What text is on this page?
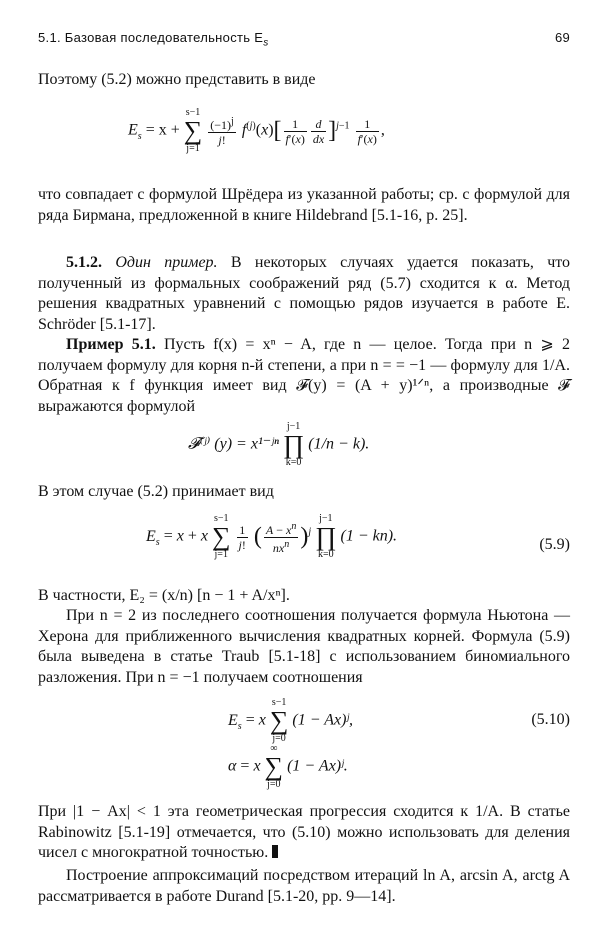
5.1. Базовая последовательность $E_s$	69
Поэтому (5.2) можно представить в виде
$E_s = x$ +
s−1
∑
j=1

$\frac{(-1)^j}{j!} f^{(j)}(x)[ \frac{1}{f'(x)} \frac{d}{dx} ]^{j-1} \frac{1}{f'(x)}$ ,
что совпадает с формулой Шрёдера из указанной работы; ср. с формулой для ряда Бирмана, предложенной в книге Hildebrand [5.1-16, p. 25].
5.1.2. Один пример. В некоторых случаях удается показать, что полученный из формальных соображений ряд (5.7) сходится к α. Метод решения квадратных уравнений с помощью рядов изучается в работе E. Schröder [5.1-17].
Пример 5.1. Пусть f(x) = xⁿ − A, где n — целое. Тогда при n ⩾ 2 получаем формулу для корня n-й степени, а при n = = −1 — формулу для 1/A. Обратная к f функция имеет вид 𝓕(y) = (A + y)¹ᐟⁿ, а производные 𝓕 выражаются формулой
𝓕⁽ʲ⁾ (y) = x¹⁻ʲⁿ
j−1
∏
k=0
(1/n − k).
В этом случае (5.2) принимает вид
$E_s = x + x$
s−1
∑
j=1

$\frac{1}{j!}$ ( $\frac{A - x^n}{nx^n} )^j$
j−1
∏
k=0
(1 − kn).	(5.9)
В частности, E₂ = (x/n) [n − 1 + A/xⁿ].
При n = 2 из последнего соотношения получается формула Ньютона — Херона для приближенного вычисления квадратных корней. Формула (5.9) была выведена в статье Traub [5.1-18] с использованием биномиального разложения. При n = −1 получаем соотношения
$E_s = x$
s−1
∑
j=0
(1 − Ax)ʲ,	(5.10)
α = x
∞
∑
j=0
(1 − Ax)ʲ.
При |1 − Ax| < 1 эта геометрическая прогрессия сходится к 1/A. В статье Rabinowitz [5.1-19] отмечается, что (5.10) можно использовать для деления чисел с многократной точностью.
Построение аппроксимаций посредством итераций ln A, arcsin A, arctg A рассматривается в работе Durand [5.1-20, pp. 9—14].
